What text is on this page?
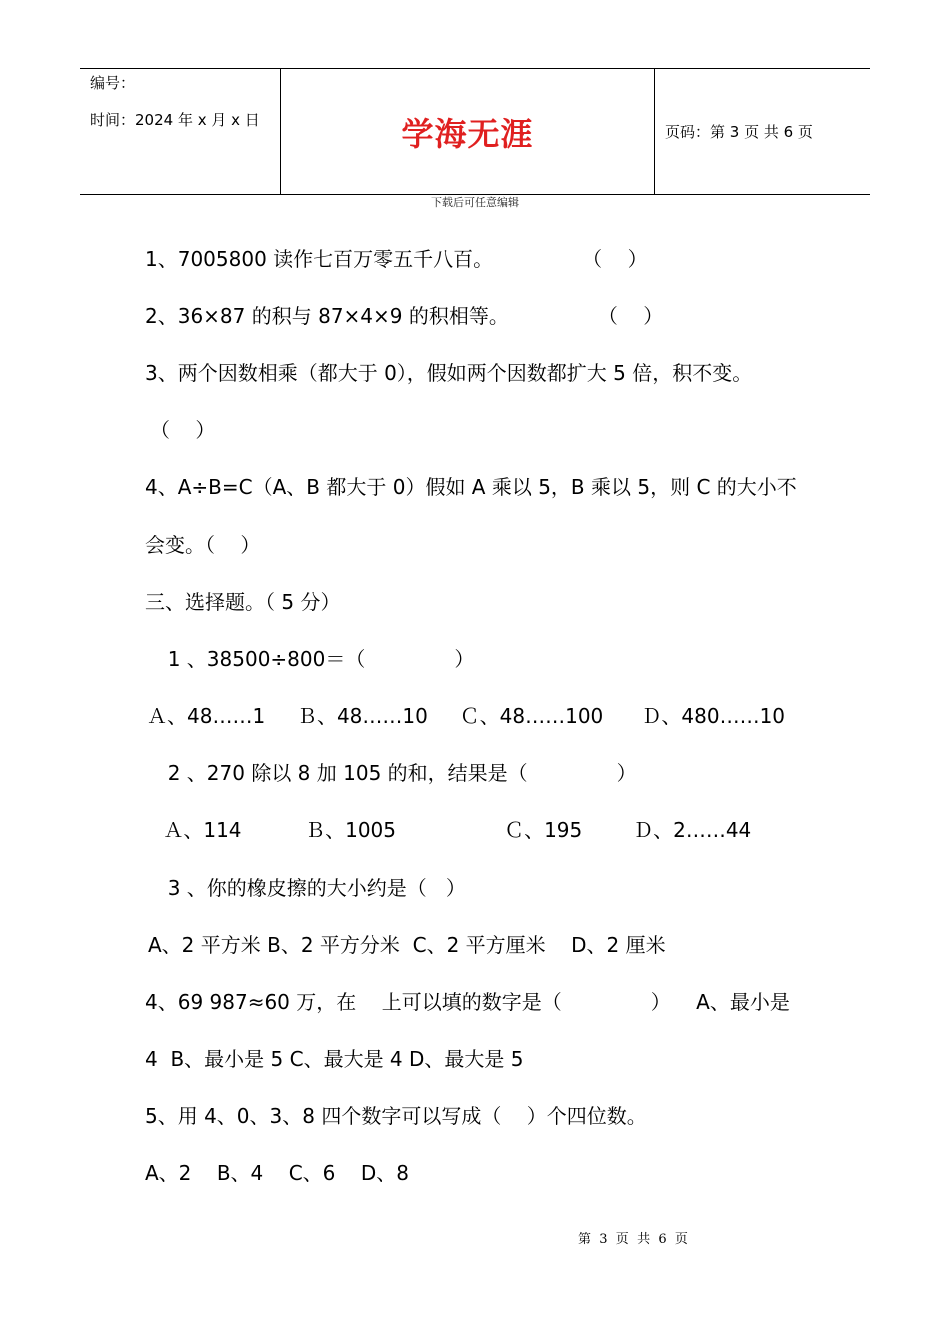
编号：
时间：2024 年 x 月 x 日	学海无涯	页码：第 3 页 共 6 页
下载后可任意编辑
1、7005800 读作七百万零五千八百。              （    ）
2、36×87 的积与 87×4×9 的积相等。              （    ）
3、两个因数相乘（都大于 0），假如两个因数都扩大 5 倍，积不变。
（    ）
4、A÷B=C（A、B 都大于 0）假如 A 乘以 5，B 乘以 5，则 C 的大小不
会变。（    ）
三、选择题。（ 5 分）
1 、38500÷800＝（              ）
Ａ、48……1     Ｂ、48……10     Ｃ、48……100      Ｄ、480……10
2 、270 除以 8 加 105 的和，结果是（              ）
Ａ、114          Ｂ、1005                 Ｃ、195        Ｄ、2……44
3 、你的橡皮擦的大小约是（   ）
A、2 平方米 B、2 平方分米  C、2 平方厘米    D、2 厘米
4、69 987≈60 万，在    上可以填的数字是（              ）    A、最小是
4  B、最小是 5 C、最大是 4 D、最大是 5
5、用 4、0、3、8 四个数字可以写成（    ）个四位数。
A、2    B、4    C、6    D、8
第  3  页  共  6  页
